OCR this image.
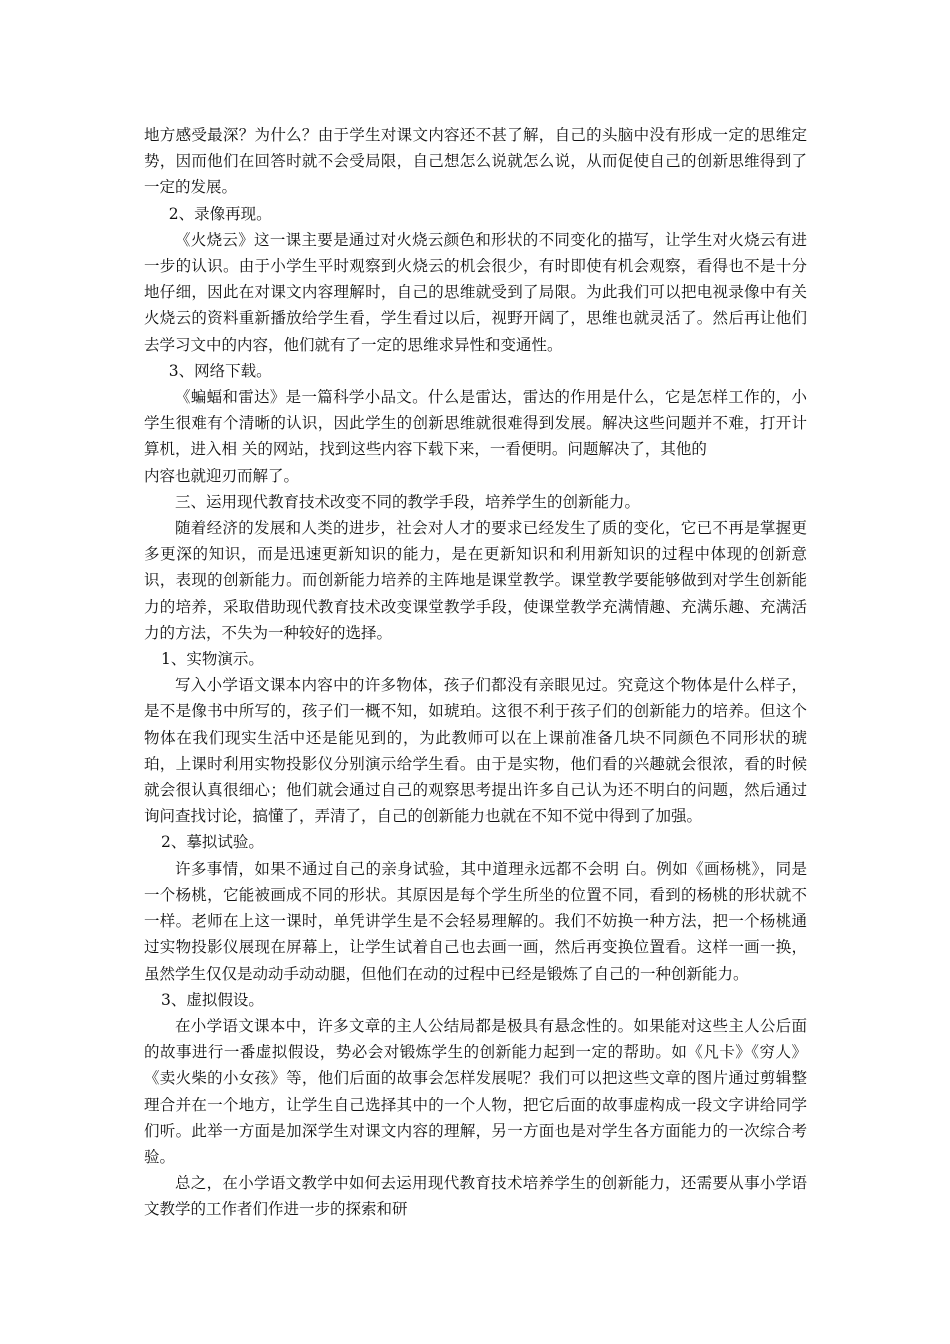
地方感受最深？为什么？由于学生对课文内容还不甚了解，自己的头脑中没有形成一定的思维定势，因而他们在回答时就不会受局限，自己想怎么说就怎么说，从而促使自己的创新思维得到了一定的发展。

2、录像再现。

《火烧云》这一课主要是通过对火烧云颜色和形状的不同变化的描写，让学生对火烧云有进一步的认识。由于小学生平时观察到火烧云的机会很少，有时即使有机会观察，看得也不是十分地仔细，因此在对课文内容理解时，自己的思维就受到了局限。为此我们可以把电视录像中有关火烧云的资料重新播放给学生看，学生看过以后，视野开阔了，思维也就灵活了。然后再让他们去学习文中的内容，他们就有了一定的思维求异性和变通性。

3、网络下载。

《蝙蝠和雷达》是一篇科学小品文。什么是雷达，雷达的作用是什么，它是怎样工作的，小学生很难有个清晰的认识，因此学生的创新思维就很难得到发展。解决这些问题并不难，打开计算机，进入相 关的网站，找到这些内容下载下来，一看便明。问题解决了，其他的

内容也就迎刃而解了。

三、运用现代教育技术改变不同的教学手段，培养学生的创新能力。

随着经济的发展和人类的进步，社会对人才的要求已经发生了质的变化，它已不再是掌握更多更深的知识，而是迅速更新知识的能力，是在更新知识和利用新知识的过程中体现的创新意识，表现的创新能力。而创新能力培养的主阵地是课堂教学。课堂教学要能够做到对学生创新能力的培养，采取借助现代教育技术改变课堂教学手段，使课堂教学充满情趣、充满乐趣、充满活力的方法，不失为一种较好的选择。

1、实物演示。

写入小学语文课本内容中的许多物体，孩子们都没有亲眼见过。究竟这个物体是什么样子，是不是像书中所写的，孩子们一概不知，如琥珀。这很不利于孩子们的创新能力的培养。但这个物体在我们现实生活中还是能见到的，为此教师可以在上课前准备几块不同颜色不同形状的琥珀，上课时利用实物投影仪分别演示给学生看。由于是实物，他们看的兴趣就会很浓，看的时候就会很认真很细心；他们就会通过自己的观察思考提出许多自己认为还不明白的问题，然后通过询问查找讨论，搞懂了，弄清了，自己的创新能力也就在不知不觉中得到了加强。

2、摹拟试验。

许多事情，如果不通过自己的亲身试验，其中道理永远都不会明 白。例如《画杨桃》，同是一个杨桃，它能被画成不同的形状。其原因是每个学生所坐的位置不同，看到的杨桃的形状就不一样。老师在上这一课时，单凭讲学生是不会轻易理解的。我们不妨换一种方法，把一个杨桃通过实物投影仪展现在屏幕上，让学生试着自己也去画一画，然后再变换位置看。这样一画一换，虽然学生仅仅是动动手动动腿，但他们在动的过程中已经是锻炼了自己的一种创新能力。

3、虚拟假设。

在小学语文课本中，许多文章的主人公结局都是极具有悬念性的。如果能对这些主人公后面的故事进行一番虚拟假设，势必会对锻炼学生的创新能力起到一定的帮助。如《凡卡》《穷人》《卖火柴的小女孩》等，他们后面的故事会怎样发展呢？我们可以把这些文章的图片通过剪辑整理合并在一个地方，让学生自己选择其中的一个人物，把它后面的故事虚构成一段文字讲给同学们听。此举一方面是加深学生对课文内容的理解，另一方面也是对学生各方面能力的一次综合考验。

总之，在小学语文教学中如何去运用现代教育技术培养学生的创新能力，还需要从事小学语文教学的工作者们作进一步的探索和研
